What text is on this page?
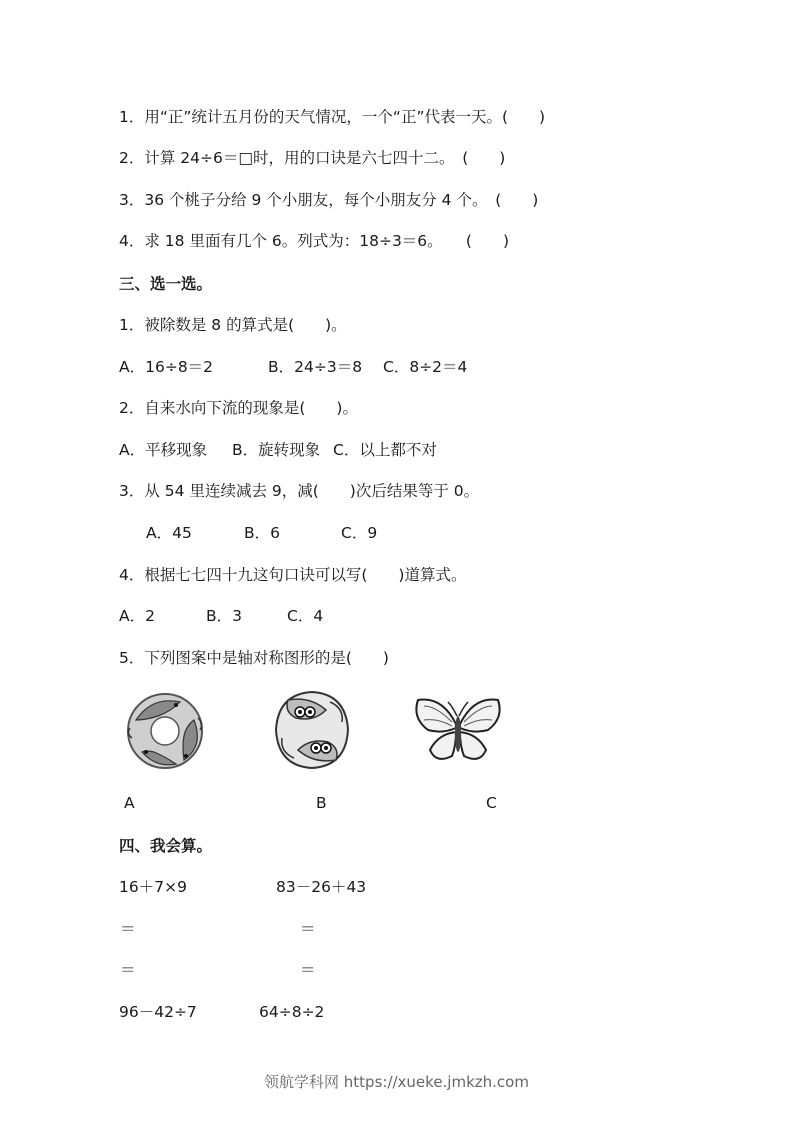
1．用“正”统计五月份的天气情况，一个“正”代表一天。(　　)
2．计算 24÷6＝□时，用的口诀是六七四十二。　(　　)
3．36 个桃子分给 9 个小朋友，每个小朋友分 4 个。　(　　)
4．求 18 里面有几个 6。列式为：18÷3＝6。　　(　　)
三、选一选。
1．被除数是 8 的算式是(　　)。
A．16÷8＝2	B．24÷3＝8 C．8÷2＝4
2．自来水向下流的现象是(　　)。
A．平移现象 B．旋转现象 C．以上都不对
3．从 54 里连续减去 9，减(　　)次后结果等于 0。
A．45	B．6	C．9
4．根据七七四十九这句口诀可以写(　　)道算式。
A．2	B．3	C．4
5．下列图案中是轴对称图形的是(　　)
A	B	C
四、我会算。
16＋7×9	83－26＋43
＝	＝
＝	＝
96－42÷7	64÷8÷2
领航学科网 https://xueke.jmkzh.com
